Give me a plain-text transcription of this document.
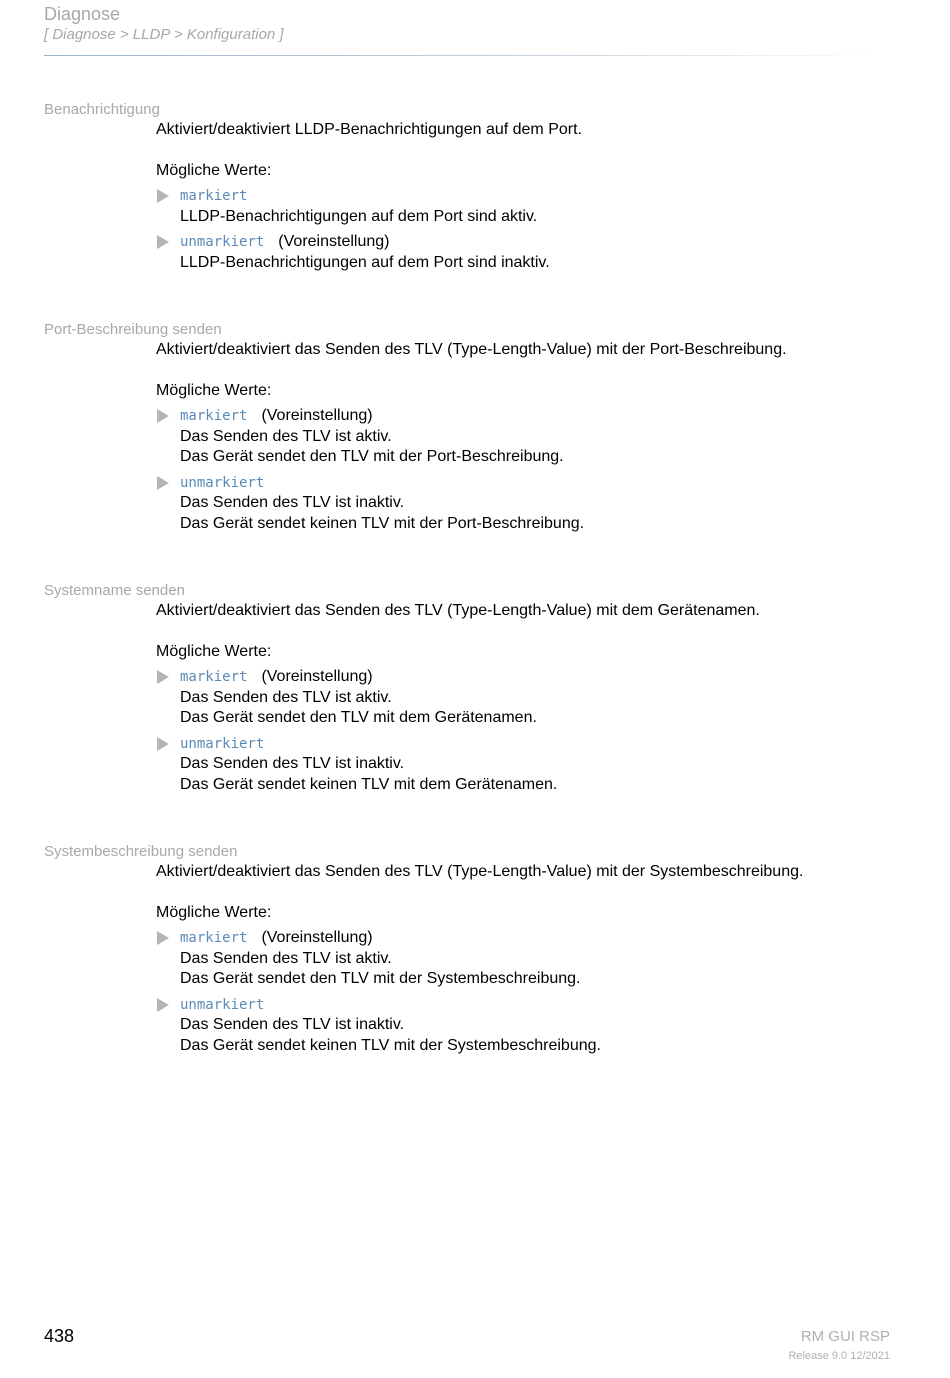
Diagnose
[ Diagnose > LLDP > Konfiguration ]
Benachrichtigung

Aktiviert/deaktiviert LLDP-Benachrichtigungen auf dem Port.

Mögliche Werte:

markiert
LLDP-Benachrichtigungen auf dem Port sind aktiv.
unmarkiert (Voreinstellung)
LLDP-Benachrichtigungen auf dem Port sind inaktiv.
Port-Beschreibung senden

Aktiviert/deaktiviert das Senden des TLV (Type-Length-Value) mit der Port-Beschreibung.

Mögliche Werte:

markiert (Voreinstellung)
Das Senden des TLV ist aktiv.
Das Gerät sendet den TLV mit der Port-Beschreibung.
unmarkiert
Das Senden des TLV ist inaktiv.
Das Gerät sendet keinen TLV mit der Port-Beschreibung.
Systemname senden

Aktiviert/deaktiviert das Senden des TLV (Type-Length-Value) mit dem Gerätenamen.

Mögliche Werte:

markiert (Voreinstellung)
Das Senden des TLV ist aktiv.
Das Gerät sendet den TLV mit dem Gerätenamen.
unmarkiert
Das Senden des TLV ist inaktiv.
Das Gerät sendet keinen TLV mit dem Gerätenamen.
Systembeschreibung senden

Aktiviert/deaktiviert das Senden des TLV (Type-Length-Value) mit der Systembeschreibung.

Mögliche Werte:

markiert (Voreinstellung)
Das Senden des TLV ist aktiv.
Das Gerät sendet den TLV mit der Systembeschreibung.
unmarkiert
Das Senden des TLV ist inaktiv.
Das Gerät sendet keinen TLV mit der Systembeschreibung.
438	RM GUI RSP
Release 9.0 12/2021
